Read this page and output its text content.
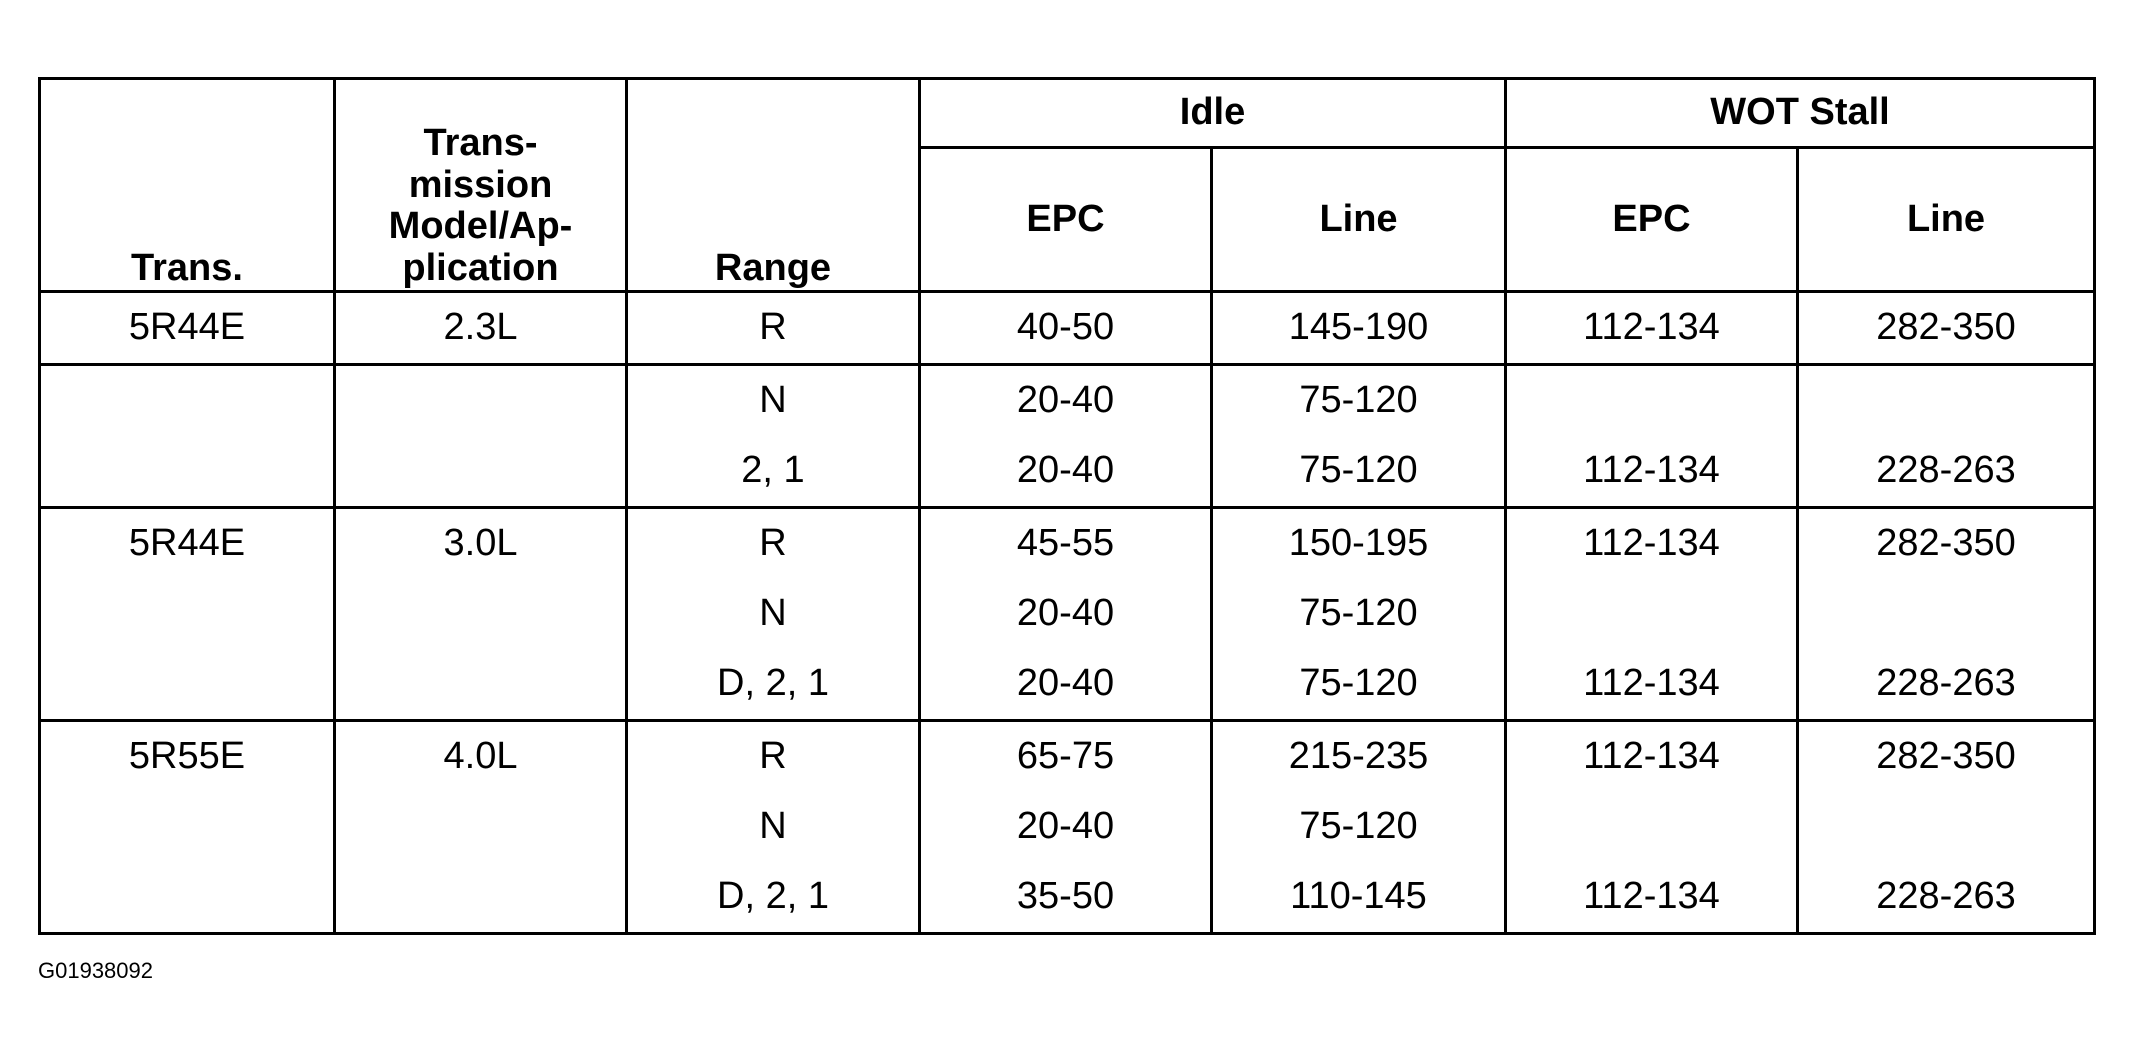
Trans.	Trans-
mission
Model/Ap-
plication	Range	Idle		WOT Stall	
			EPC	Line	EPC	Line
5R44E	2.3L	R	40-50	145-190	112-134	282-350
		N	20-40	75-120		
		2, 1	20-40	75-120	112-134	228-263
5R44E	3.0L	R	45-55	150-195	112-134	282-350
		N	20-40	75-120		
		D, 2, 1	20-40	75-120	112-134	228-263
5R55E	4.0L	R	65-75	215-235	112-134	282-350
		N	20-40	75-120		
		D, 2, 1	35-50	110-145	112-134	228-263
G01938092
